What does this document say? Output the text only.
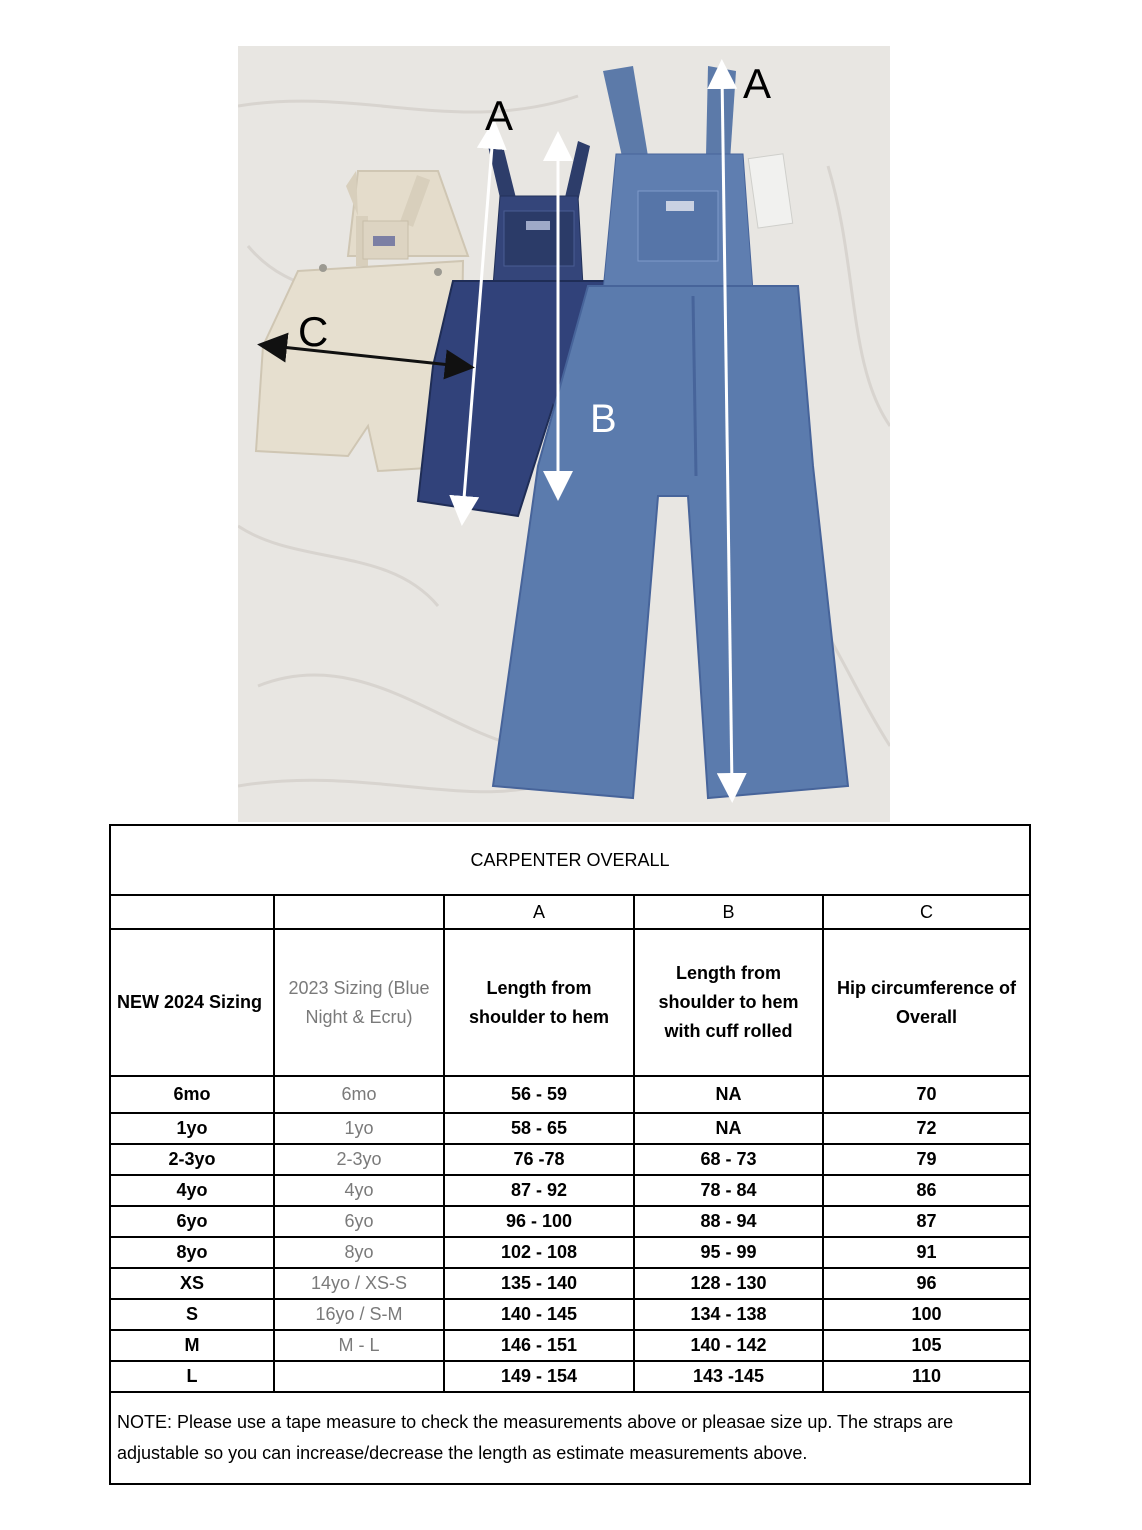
A
A
B
C
CARPENTER OVERALL				
		A	B	C
NEW 2024 Sizing	2023 Sizing (Blue Night & Ecru)	Length from shoulder to hem	Length from shoulder to hem with cuff rolled	Hip circumference of Overall
6mo	6mo	56 - 59	NA	70
1yo	1yo	58 - 65	NA	72
2-3yo	2-3yo	76 -78	68 - 73	79
4yo	4yo	87 - 92	78 - 84	86
6yo	6yo	96 - 100	88 - 94	87
8yo	8yo	102 - 108	95 - 99	91
XS	14yo / XS-S	135 - 140	128 - 130	96
S	16yo / S-M	140 - 145	134 - 138	100
M	M - L	146 - 151	140 - 142	105
L		149 - 154	143 -145	110
NOTE: Please use a tape measure to check the measurements above or pleasae size up. The straps are adjustable so you can increase/decrease the length as estimate measurements above.				
